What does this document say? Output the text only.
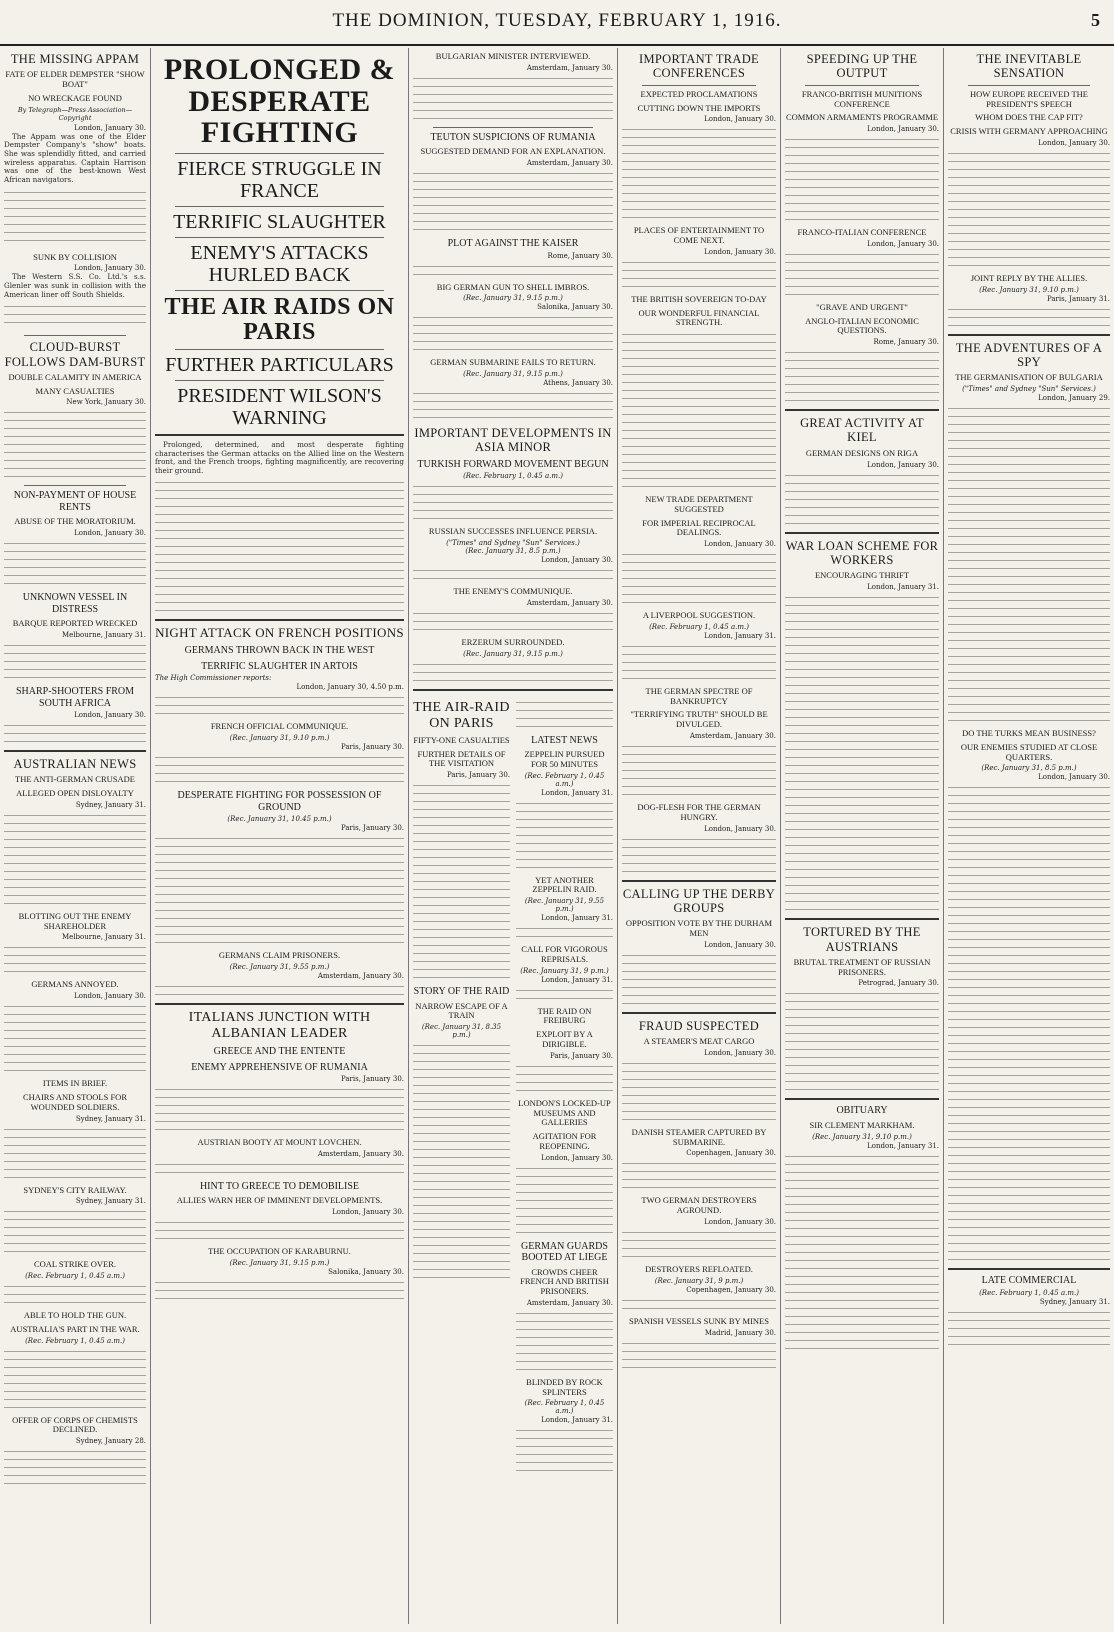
THE DOMINION, TUESDAY, FEBRUARY 1, 1916.	5
THE MISSING APPAM
FATE OF ELDER DEMPSTER "SHOW BOAT"
NO WRECKAGE FOUND
By Telegraph—Press Association—Copyright
London, January 30.

The Appam was one of the Elder Dempster Company's "show" boats. She was splendidly fitted, and carried wireless apparatus. Captain Harrison was one of the best-known West African navigators.

SUNK BY COLLISION
London, January 30.

The Western S.S. Co. Ltd.'s s.s. Glenler was sunk in collision with the American liner off South Shields.

CLOUD-BURST FOLLOWS DAM-BURST
DOUBLE CALAMITY IN AMERICA
MANY CASUALTIES
New York, January 30.
NON-PAYMENT OF HOUSE RENTS
ABUSE OF THE MORATORIUM.
London, January 30.
UNKNOWN VESSEL IN DISTRESS
BARQUE REPORTED WRECKED
Melbourne, January 31.
SHARP-SHOOTERS FROM SOUTH AFRICA
London, January 30.
AUSTRALIAN NEWS
THE ANTI-GERMAN CRUSADE
ALLEGED OPEN DISLOYALTY
Sydney, January 31.
BLOTTING OUT THE ENEMY SHAREHOLDER
Melbourne, January 31.
GERMANS ANNOYED.
London, January 30.
ITEMS IN BRIEF.
CHAIRS AND STOOLS FOR WOUNDED SOLDIERS.
Sydney, January 31.
SYDNEY'S CITY RAILWAY.
Sydney, January 31.
COAL STRIKE OVER.
(Rec. February 1, 0.45 a.m.)
ABLE TO HOLD THE GUN.
AUSTRALIA'S PART IN THE WAR.
(Rec. February 1, 0.45 a.m.)
OFFER OF CORPS OF CHEMISTS DECLINED.
Sydney, January 28.
PROLONGED & DESPERATE FIGHTING
FIERCE STRUGGLE IN FRANCE
TERRIFIC SLAUGHTER
ENEMY'S ATTACKS HURLED BACK
THE AIR RAIDS ON PARIS
FURTHER PARTICULARS
PRESIDENT WILSON'S WARNING

Prolonged, determined, and most desperate fighting characterises the German attacks on the Allied line on the Western front, and the French troops, fighting magnificently, are recovering their ground.

NIGHT ATTACK ON FRENCH POSITIONS
GERMANS THROWN BACK IN THE WEST
TERRIFIC SLAUGHTER IN ARTOIS
The High Commissioner reports:
London, January 30, 4.50 p.m.
FRENCH OFFICIAL COMMUNIQUE.
(Rec. January 31, 9.10 p.m.)
Paris, January 30.
DESPERATE FIGHTING FOR POSSESSION OF GROUND
(Rec. January 31, 10.45 p.m.)
Paris, January 30.
GERMANS CLAIM PRISONERS.
(Rec. January 31, 9.55 p.m.)
Amsterdam, January 30.
ITALIANS JUNCTION WITH ALBANIAN LEADER
GREECE AND THE ENTENTE
ENEMY APPREHENSIVE OF RUMANIA
Paris, January 30.
AUSTRIAN BOOTY AT MOUNT LOVCHEN.
Amsterdam, January 30.
HINT TO GREECE TO DEMOBILISE
ALLIES WARN HER OF IMMINENT DEVELOPMENTS.
London, January 30.
THE OCCUPATION OF KARABURNU.
(Rec. January 31, 9.15 p.m.)
Salonika, January 30.
BULGARIAN MINISTER INTERVIEWED.
Amsterdam, January 30.
TEUTON SUSPICIONS OF RUMANIA
SUGGESTED DEMAND FOR AN EXPLANATION.
Amsterdam, January 30.
PLOT AGAINST THE KAISER
Rome, January 30.
BIG GERMAN GUN TO SHELL IMBROS.
(Rec. January 31, 9.15 p.m.)
Salonika, January 30.
GERMAN SUBMARINE FAILS TO RETURN.
(Rec. January 31, 9.15 p.m.)
Athens, January 30.
IMPORTANT DEVELOPMENTS IN ASIA MINOR
TURKISH FORWARD MOVEMENT BEGUN
(Rec. February 1, 0.45 a.m.)
RUSSIAN SUCCESSES INFLUENCE PERSIA.
("Times" and Sydney "Sun" Services.)
(Rec. January 31, 8.5 p.m.)
London, January 30.
THE ENEMY'S COMMUNIQUE.
Amsterdam, January 30.
ERZERUM SURROUNDED.
(Rec. January 31, 9.15 p.m.)
THE AIR-RAID ON PARIS
FIFTY-ONE CASUALTIES
FURTHER DETAILS OF THE VISITATION
Paris, January 30.
STORY OF THE RAID
NARROW ESCAPE OF A TRAIN
(Rec. January 31, 8.35 p.m.)
LATEST NEWS
ZEPPELIN PURSUED FOR 50 MINUTES
(Rec. February 1, 0.45 a.m.)
London, January 31.
YET ANOTHER ZEPPELIN RAID.
(Rec. January 31, 9.55 p.m.)
London, January 31.
CALL FOR VIGOROUS REPRISALS.
(Rec. January 31, 9 p.m.)
London, January 31.
THE RAID ON FREIBURG
EXPLOIT BY A DIRIGIBLE.
Paris, January 30.
LONDON'S LOCKED-UP MUSEUMS AND GALLERIES
AGITATION FOR REOPENING.
London, January 30.
GERMAN GUARDS BOOTED AT LIEGE
CROWDS CHEER FRENCH AND BRITISH PRISONERS.
Amsterdam, January 30.
BLINDED BY ROCK SPLINTERS
(Rec. February 1, 0.45 a.m.)
London, January 31.
IMPORTANT TRADE CONFERENCES
EXPECTED PROCLAMATIONS
CUTTING DOWN THE IMPORTS
London, January 30.
PLACES OF ENTERTAINMENT TO COME NEXT.
London, January 30.
THE BRITISH SOVEREIGN TO-DAY
OUR WONDERFUL FINANCIAL STRENGTH.
NEW TRADE DEPARTMENT SUGGESTED
FOR IMPERIAL RECIPROCAL DEALINGS.
London, January 30.
A LIVERPOOL SUGGESTION.
(Rec. February 1, 0.45 a.m.)
London, January 31.
THE GERMAN SPECTRE OF BANKRUPTCY
"TERRIFYING TRUTH" SHOULD BE DIVULGED.
Amsterdam, January 30.
DOG-FLESH FOR THE GERMAN HUNGRY.
London, January 30.
CALLING UP THE DERBY GROUPS
OPPOSITION VOTE BY THE DURHAM MEN
London, January 30.
FRAUD SUSPECTED
A STEAMER'S MEAT CARGO
London, January 30.
DANISH STEAMER CAPTURED BY SUBMARINE.
Copenhagen, January 30.
TWO GERMAN DESTROYERS AGROUND.
London, January 30.
DESTROYERS REFLOATED.
(Rec. January 31, 9 p.m.)
Copenhagen, January 30.
SPANISH VESSELS SUNK BY MINES
Madrid, January 30.
SPEEDING UP THE OUTPUT
FRANCO-BRITISH MUNITIONS CONFERENCE
COMMON ARMAMENTS PROGRAMME
London, January 30.
FRANCO-ITALIAN CONFERENCE
London, January 30.
"GRAVE AND URGENT"
ANGLO-ITALIAN ECONOMIC QUESTIONS.
Rome, January 30.
GREAT ACTIVITY AT KIEL
GERMAN DESIGNS ON RIGA
London, January 30.
WAR LOAN SCHEME FOR WORKERS
ENCOURAGING THRIFT
London, January 31.
TORTURED BY THE AUSTRIANS
BRUTAL TREATMENT OF RUSSIAN PRISONERS.
Petrograd, January 30.
OBITUARY
SIR CLEMENT MARKHAM.
(Rec. January 31, 9.10 p.m.)
London, January 31.
THE INEVITABLE SENSATION
HOW EUROPE RECEIVED THE PRESIDENT'S SPEECH
WHOM DOES THE CAP FIT?
CRISIS WITH GERMANY APPROACHING
London, January 30.
JOINT REPLY BY THE ALLIES.
(Rec. January 31, 9.10 p.m.)
Paris, January 31.
THE ADVENTURES OF A SPY
THE GERMANISATION OF BULGARIA
("Times" and Sydney "Sun" Services.)
London, January 29.
DO THE TURKS MEAN BUSINESS?
OUR ENEMIES STUDIED AT CLOSE QUARTERS.
(Rec. January 31, 8.5 p.m.)
London, January 30.
LATE COMMERCIAL
(Rec. February 1, 0.45 a.m.)
Sydney, January 31.
